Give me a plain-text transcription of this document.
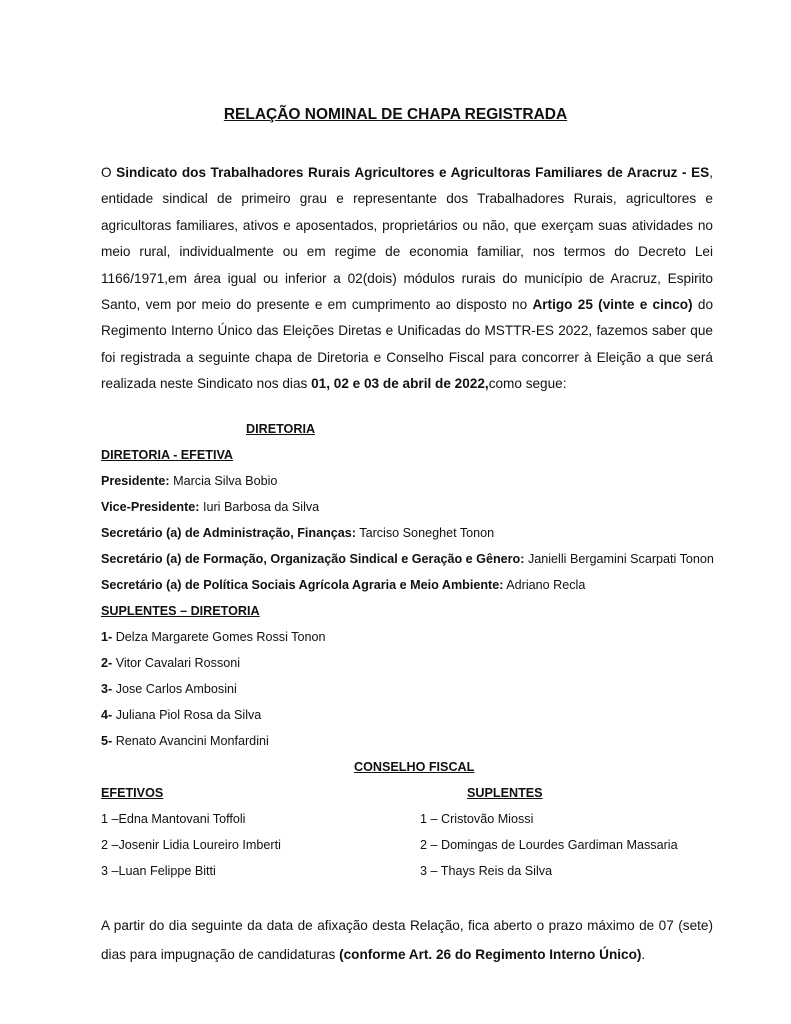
RELAÇÃO NOMINAL DE CHAPA REGISTRADA
O Sindicato dos Trabalhadores Rurais Agricultores e Agricultoras Familiares de Aracruz - ES, entidade sindical de primeiro grau e representante dos Trabalhadores Rurais, agricultores e agricultoras familiares, ativos e aposentados, proprietários ou não, que exerçam suas atividades no meio rural, individualmente ou em regime de economia familiar, nos termos do Decreto Lei 1166/1971,em área igual ou inferior a 02(dois) módulos rurais do município de Aracruz, Espirito Santo, vem por meio do presente e em cumprimento ao disposto no Artigo 25 (vinte e cinco) do Regimento Interno Único das Eleições Diretas e Unificadas do MSTTR-ES 2022, fazemos saber que foi registrada a seguinte chapa de Diretoria e Conselho Fiscal para concorrer à Eleição a que será realizada neste Sindicato nos dias 01, 02 e 03 de abril de 2022,como segue:
DIRETORIA
DIRETORIA - EFETIVA
Presidente: Marcia Silva Bobio
Vice-Presidente: Iuri Barbosa da Silva
Secretário (a) de Administração, Finanças: Tarciso Soneghet Tonon
Secretário (a) de Formação, Organização Sindical e Geração e Gênero: Janielli Bergamini Scarpati Tonon
Secretário (a) de Política Sociais Agrícola Agraria e Meio Ambiente: Adriano Recla
SUPLENTES – DIRETORIA
1- Delza Margarete Gomes Rossi Tonon
2- Vitor Cavalari Rossoni
3- Jose Carlos Ambosini
4- Juliana Piol Rosa da Silva
5- Renato Avancini Monfardini
CONSELHO FISCAL
EFETIVOS	SUPLENTES
1 –Edna Mantovani Toffoli
2 –Josenir Lidia Loureiro Imberti
3 –Luan Felippe Bitti
1 – Cristovão Miossi
2 – Domingas de Lourdes Gardiman Massaria
3 – Thays Reis da Silva
A partir do dia seguinte da data de afixação desta Relação, fica aberto o prazo máximo de 07 (sete) dias para impugnação de candidaturas (conforme Art. 26 do Regimento Interno Único).
